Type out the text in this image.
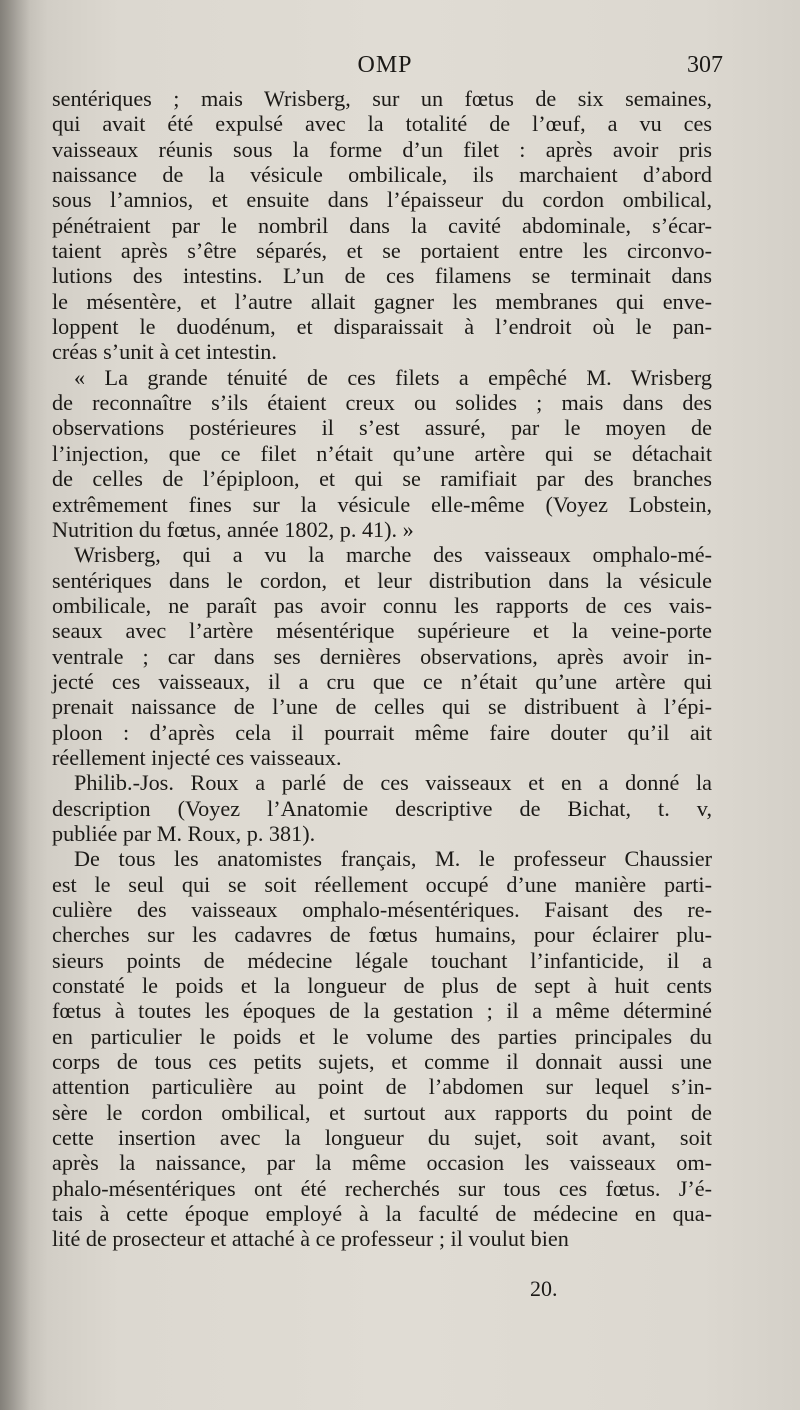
OMP	307
sentériques ; mais Wrisberg, sur un fœtus de six semaines,
qui avait été expulsé avec la totalité de l’œuf, a vu ces
vaisseaux réunis sous la forme d’un filet : après avoir pris
naissance de la vésicule ombilicale, ils marchaient d’abord
sous l’amnios, et ensuite dans l’épaisseur du cordon ombilical,
pénétraient par le nombril dans la cavité abdominale, s’écar-
taient après s’être séparés, et se portaient entre les circonvo-
lutions des intestins. L’un de ces filamens se terminait dans
le mésentère, et l’autre allait gagner les membranes qui enve-
loppent le duodénum, et disparaissait à l’endroit où le pan-
créas s’unit à cet intestin.
« La grande ténuité de ces filets a empêché M. Wrisberg
de reconnaître s’ils étaient creux ou solides ; mais dans des
observations postérieures il s’est assuré, par le moyen de
l’injection, que ce filet n’était qu’une artère qui se détachait
de celles de l’épiploon, et qui se ramifiait par des branches
extrêmement fines sur la vésicule elle-même (Voyez Lobstein,
Nutrition du fœtus, année 1802, p. 41). »
Wrisberg, qui a vu la marche des vaisseaux omphalo-mé-
sentériques dans le cordon, et leur distribution dans la vésicule
ombilicale, ne paraît pas avoir connu les rapports de ces vais-
seaux avec l’artère mésentérique supérieure et la veine-porte
ventrale ; car dans ses dernières observations, après avoir in-
jecté ces vaisseaux, il a cru que ce n’était qu’une artère qui
prenait naissance de l’une de celles qui se distribuent à l’épi-
ploon : d’après cela il pourrait même faire douter qu’il ait
réellement injecté ces vaisseaux.
Philib.-Jos. Roux a parlé de ces vaisseaux et en a donné la
description (Voyez l’Anatomie descriptive de Bichat, t. v,
publiée par M. Roux, p. 381).
De tous les anatomistes français, M. le professeur Chaussier
est le seul qui se soit réellement occupé d’une manière parti-
culière des vaisseaux omphalo-mésentériques. Faisant des re-
cherches sur les cadavres de fœtus humains, pour éclairer plu-
sieurs points de médecine légale touchant l’infanticide, il a
constaté le poids et la longueur de plus de sept à huit cents
fœtus à toutes les époques de la gestation ; il a même déterminé
en particulier le poids et le volume des parties principales du
corps de tous ces petits sujets, et comme il donnait aussi une
attention particulière au point de l’abdomen sur lequel s’in-
sère le cordon ombilical, et surtout aux rapports du point de
cette insertion avec la longueur du sujet, soit avant, soit
après la naissance, par la même occasion les vaisseaux om-
phalo-mésentériques ont été recherchés sur tous ces fœtus. J’é-
tais à cette époque employé à la faculté de médecine en qua-
lité de prosecteur et attaché à ce professeur ; il voulut bien
20.
